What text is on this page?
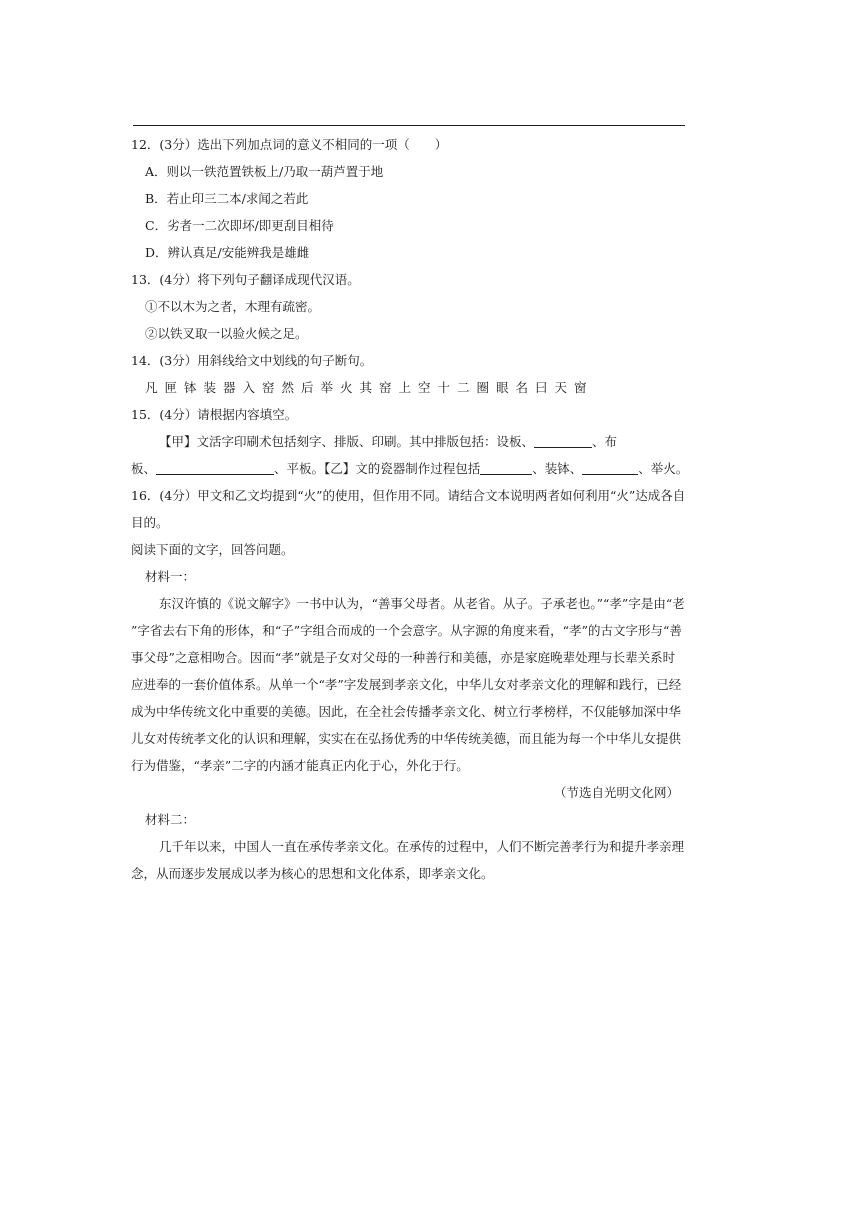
12．(3分）选出下列加点词的意义不相同的一项（　　）
A．则以一铁范置铁板上/乃取一葫芦置于地
B．若止印三二本/求闻之若此
C．劣者一二次即坏/即更刮目相待
D．辨认真足/安能辨我是雄雌
13．(4分）将下列句子翻译成现代汉语。
①不以木为之者，木理有疏密。
②以铁叉取一以验火候之足。
14．(3分）用斜线给文中划线的句子断句。
凡匣钵装器入窑然后举火其窑上空十二圈眼名曰天窗
15．(4分）请根据内容填空。
【甲】文活字印刷术包括刻字、排版、印刷。其中排版包括：设板、	、布
板、	、平板。【乙】文的瓷器制作过程包括	、装钵、	、举火。
16．(4分）甲文和乙文均提到“火”的使用，但作用不同。请结合文本说明两者如何利用“火”达成各自
目的。
阅读下面的文字，回答问题。
材料一：
东汉许慎的《说文解字》一书中认为，“善事父母者。从老省。从子。子承老也。”“孝”字是由“老
”字省去右下角的形体，和“子”字组合而成的一个会意字。从字源的角度来看，“孝”的古文字形与“善
事父母”之意相吻合。因而“孝”就是子女对父母的一种善行和美德，亦是家庭晚辈处理与长辈关系时
应进奉的一套价值体系。从单一个“孝”字发展到孝亲文化，中华儿女对孝亲文化的理解和践行，已经
成为中华传统文化中重要的美德。因此，在全社会传播孝亲文化、树立行孝榜样，不仅能够加深中华
儿女对传统孝文化的认识和理解，实实在在弘扬优秀的中华传统美德，而且能为每一个中华儿女提供
行为借鉴，“孝亲”二字的内涵才能真正内化于心，外化于行。
（节选自光明文化网）
材料二：
几千年以来，中国人一直在承传孝亲文化。在承传的过程中，人们不断完善孝行为和提升孝亲理
念，从而逐步发展成以孝为核心的思想和文化体系，即孝亲文化。
